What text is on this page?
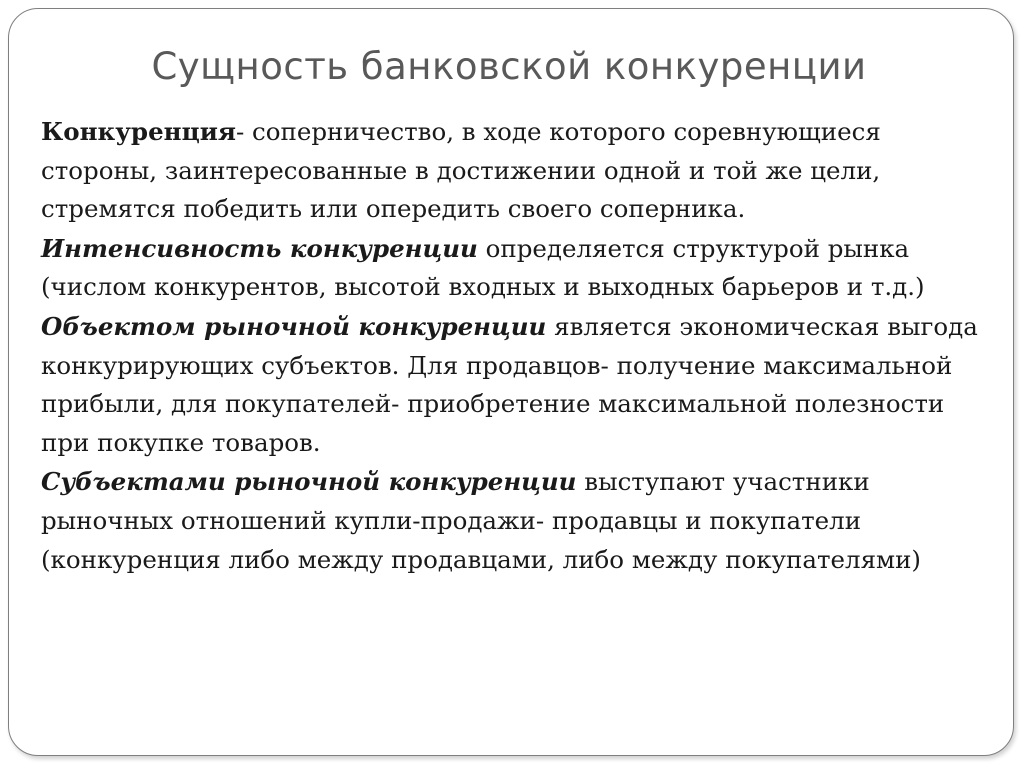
Сущность банковской конкуренции

Конкуренция- соперничество, в ходе которого соревнующиеся стороны, заинтересованные в достижении одной и той же цели, стремятся победить или опередить своего соперника.

Интенсивность конкуренции определяется структурой рынка (числом конкурентов, высотой входных и выходных барьеров и т.д.)

Объектом рыночной конкуренции является экономическая выгода конкурирующих субъектов. Для продавцов- получение максимальной прибыли, для покупателей- приобретение максимальной полезности при покупке товаров.

Субъектами рыночной конкуренции выступают участники рыночных отношений купли-продажи- продавцы и покупатели (конкуренция либо между продавцами, либо между покупателями)
